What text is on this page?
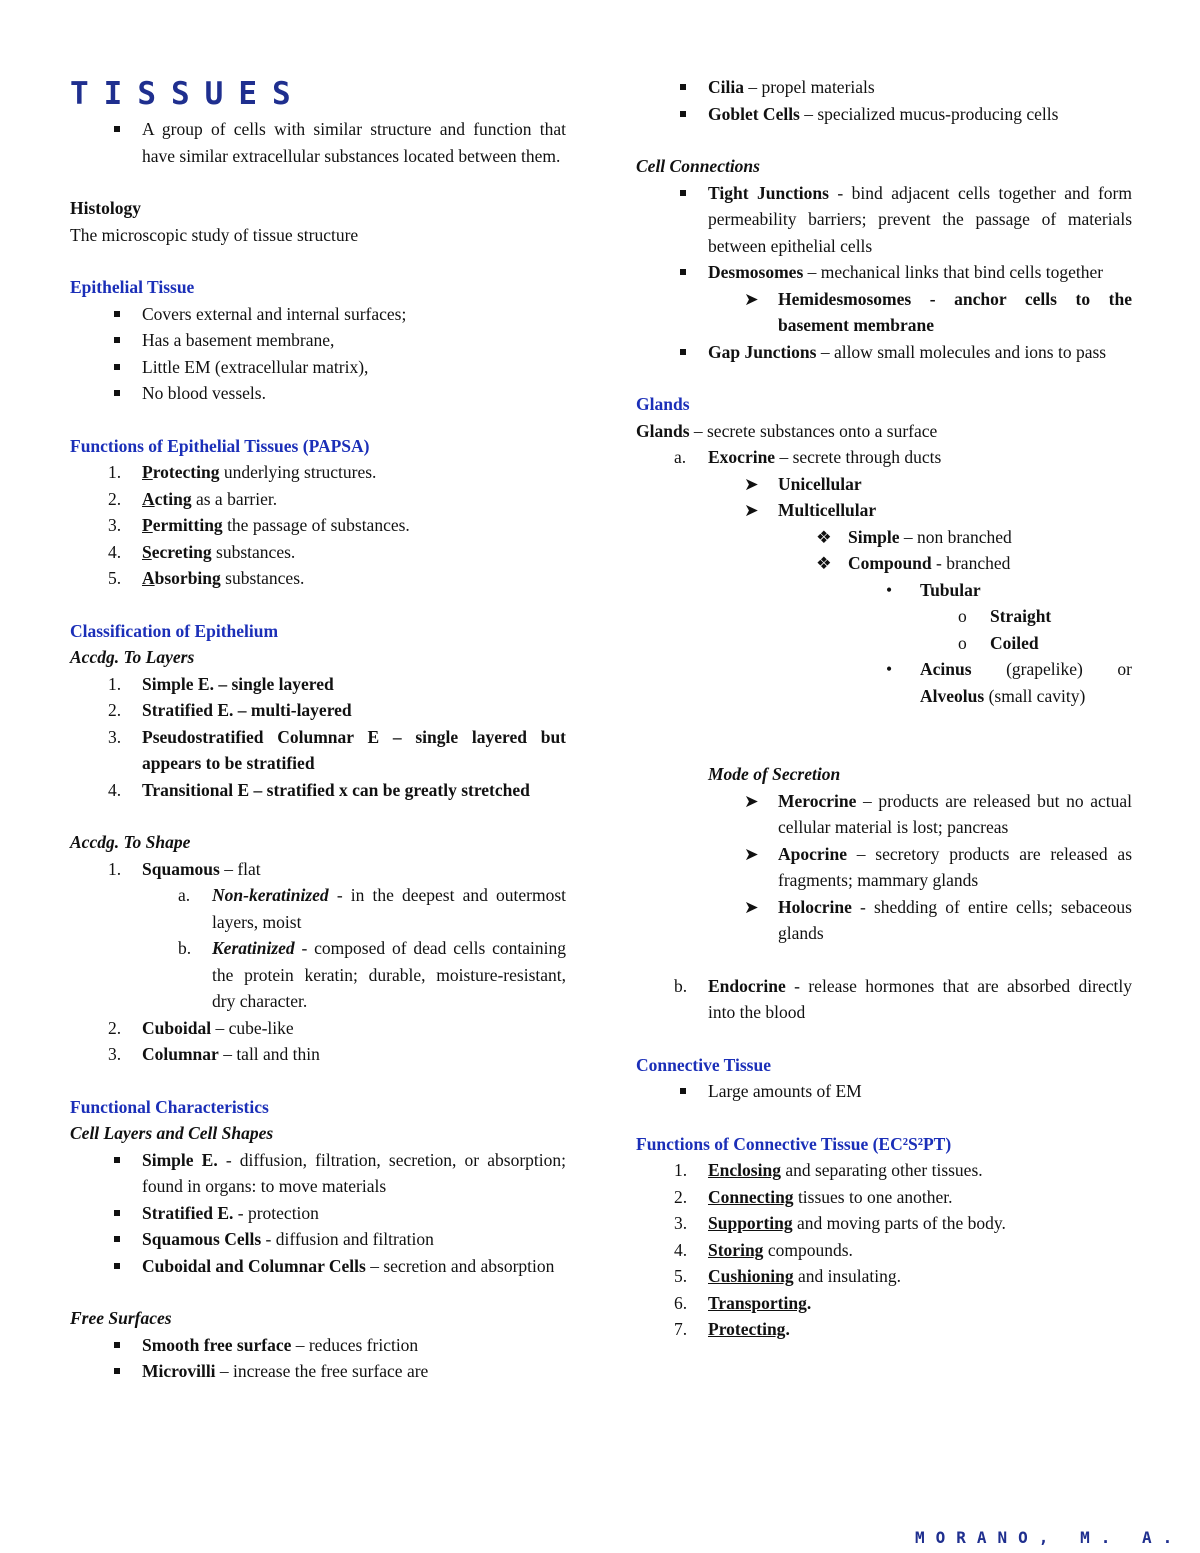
TISSUES
A group of cells with similar structure and function that have similar extracellular substances located between them.
Histology
The microscopic study of tissue structure
Epithelial Tissue
Covers external and internal surfaces;
Has a basement membrane,
Little EM (extracellular matrix),
No blood vessels.
Functions of Epithelial Tissues (PAPSA)
1.	Protecting underlying structures.
2.	Acting as a barrier.
3.	Permitting the passage of substances.
4.	Secreting substances.
5.	Absorbing substances.
Classification of Epithelium
Accdg. To Layers
1.	Simple E. – single layered
2.	Stratified E. – multi-layered
3.	Pseudostratified Columnar E – single layered but appears to be stratified
4.	Transitional E – stratified x can be greatly stretched
Accdg. To Shape
1.	Squamous – flat
a.	Non-keratinized - in the deepest and outermost layers, moist
b.	Keratinized - composed of dead cells containing the protein keratin; durable, moisture-resistant, dry character.
2.	Cuboidal – cube-like
3.	Columnar – tall and thin
Functional Characteristics
Cell Layers and Cell Shapes
Simple E. - diffusion, filtration, secretion, or absorption; found in organs: to move materials
Stratified E. - protection
Squamous Cells - diffusion and filtration
Cuboidal and Columnar Cells – secretion and absorption
Free Surfaces
Smooth free surface – reduces friction
Microvilli – increase the free surface are
Cilia – propel materials
Goblet Cells – specialized mucus-producing cells
Cell Connections
Tight Junctions - bind adjacent cells together and form permeability barriers; prevent the passage of materials between epithelial cells
Desmosomes – mechanical links that bind cells together
➤ Hemidesmosomes - anchor cells to the basement membrane
Gap Junctions – allow small molecules and ions to pass
Glands
Glands – secrete substances onto a surface
a.	Exocrine – secrete through ducts
➤ Unicellular
➤ Multicellular
❖ Simple – non branched
❖ Compound - branched
• Tubular
o Straight
o Coiled
• Acinus (grapelike) or Alveolus (small cavity)
Mode of Secretion
➤ Merocrine – products are released but no actual cellular material is lost; pancreas
➤ Apocrine – secretory products are released as fragments; mammary glands
➤ Holocrine - shedding of entire cells; sebaceous glands
b.	Endocrine - release hormones that are absorbed directly into the blood
Connective Tissue
Large amounts of EM
Functions of Connective Tissue (EC²S²PT)
1.	Enclosing and separating other tissues.
2.	Connecting tissues to one another.
3.	Supporting and moving parts of the body.
4.	Storing compounds.
5.	Cushioning and insulating.
6.	Transporting.
7.	Protecting.
MORANO, M. A.
